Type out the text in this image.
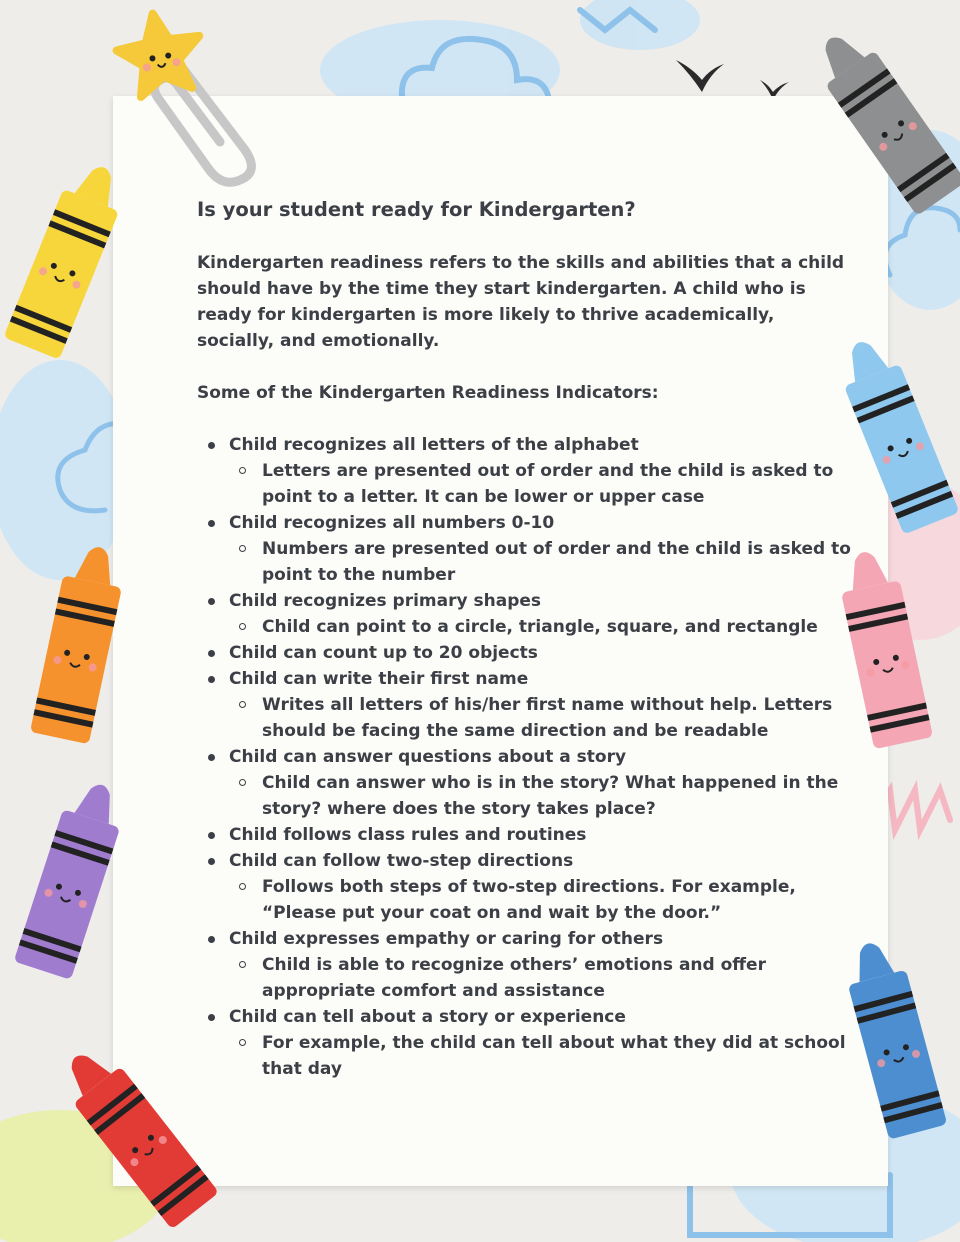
Is your student ready for Kindergarten?
Kindergarten readiness refers to the skills and abilities that a child should have by the time they start kindergarten. A child who is ready for kindergarten is more likely to thrive academically, socially, and emotionally.
Some of the Kindergarten Readiness Indicators:
Child recognizes all letters of the alphabet
Letters are presented out of order and the child is asked to point to a letter. It can be lower or upper case
Child recognizes all numbers 0-10
Numbers are presented out of order and the child is asked to point to the number
Child recognizes primary shapes
Child can point to a circle, triangle, square, and rectangle
Child can count up to 20 objects
Child can write their first name
Writes all letters of his/her first name without help. Letters should be facing the same direction and be readable
Child can answer questions about a story
Child can answer who is in the story? What happened in the story? where does the story takes place?
Child follows class rules and routines
Child can follow two-step directions
Follows both steps of two-step directions. For example, “Please put your coat on and wait by the door.”
Child expresses empathy or caring for others
Child is able to recognize others’ emotions and offer appropriate comfort and assistance
Child can tell about a story or experience
For example, the child can tell about what they did at school that day
